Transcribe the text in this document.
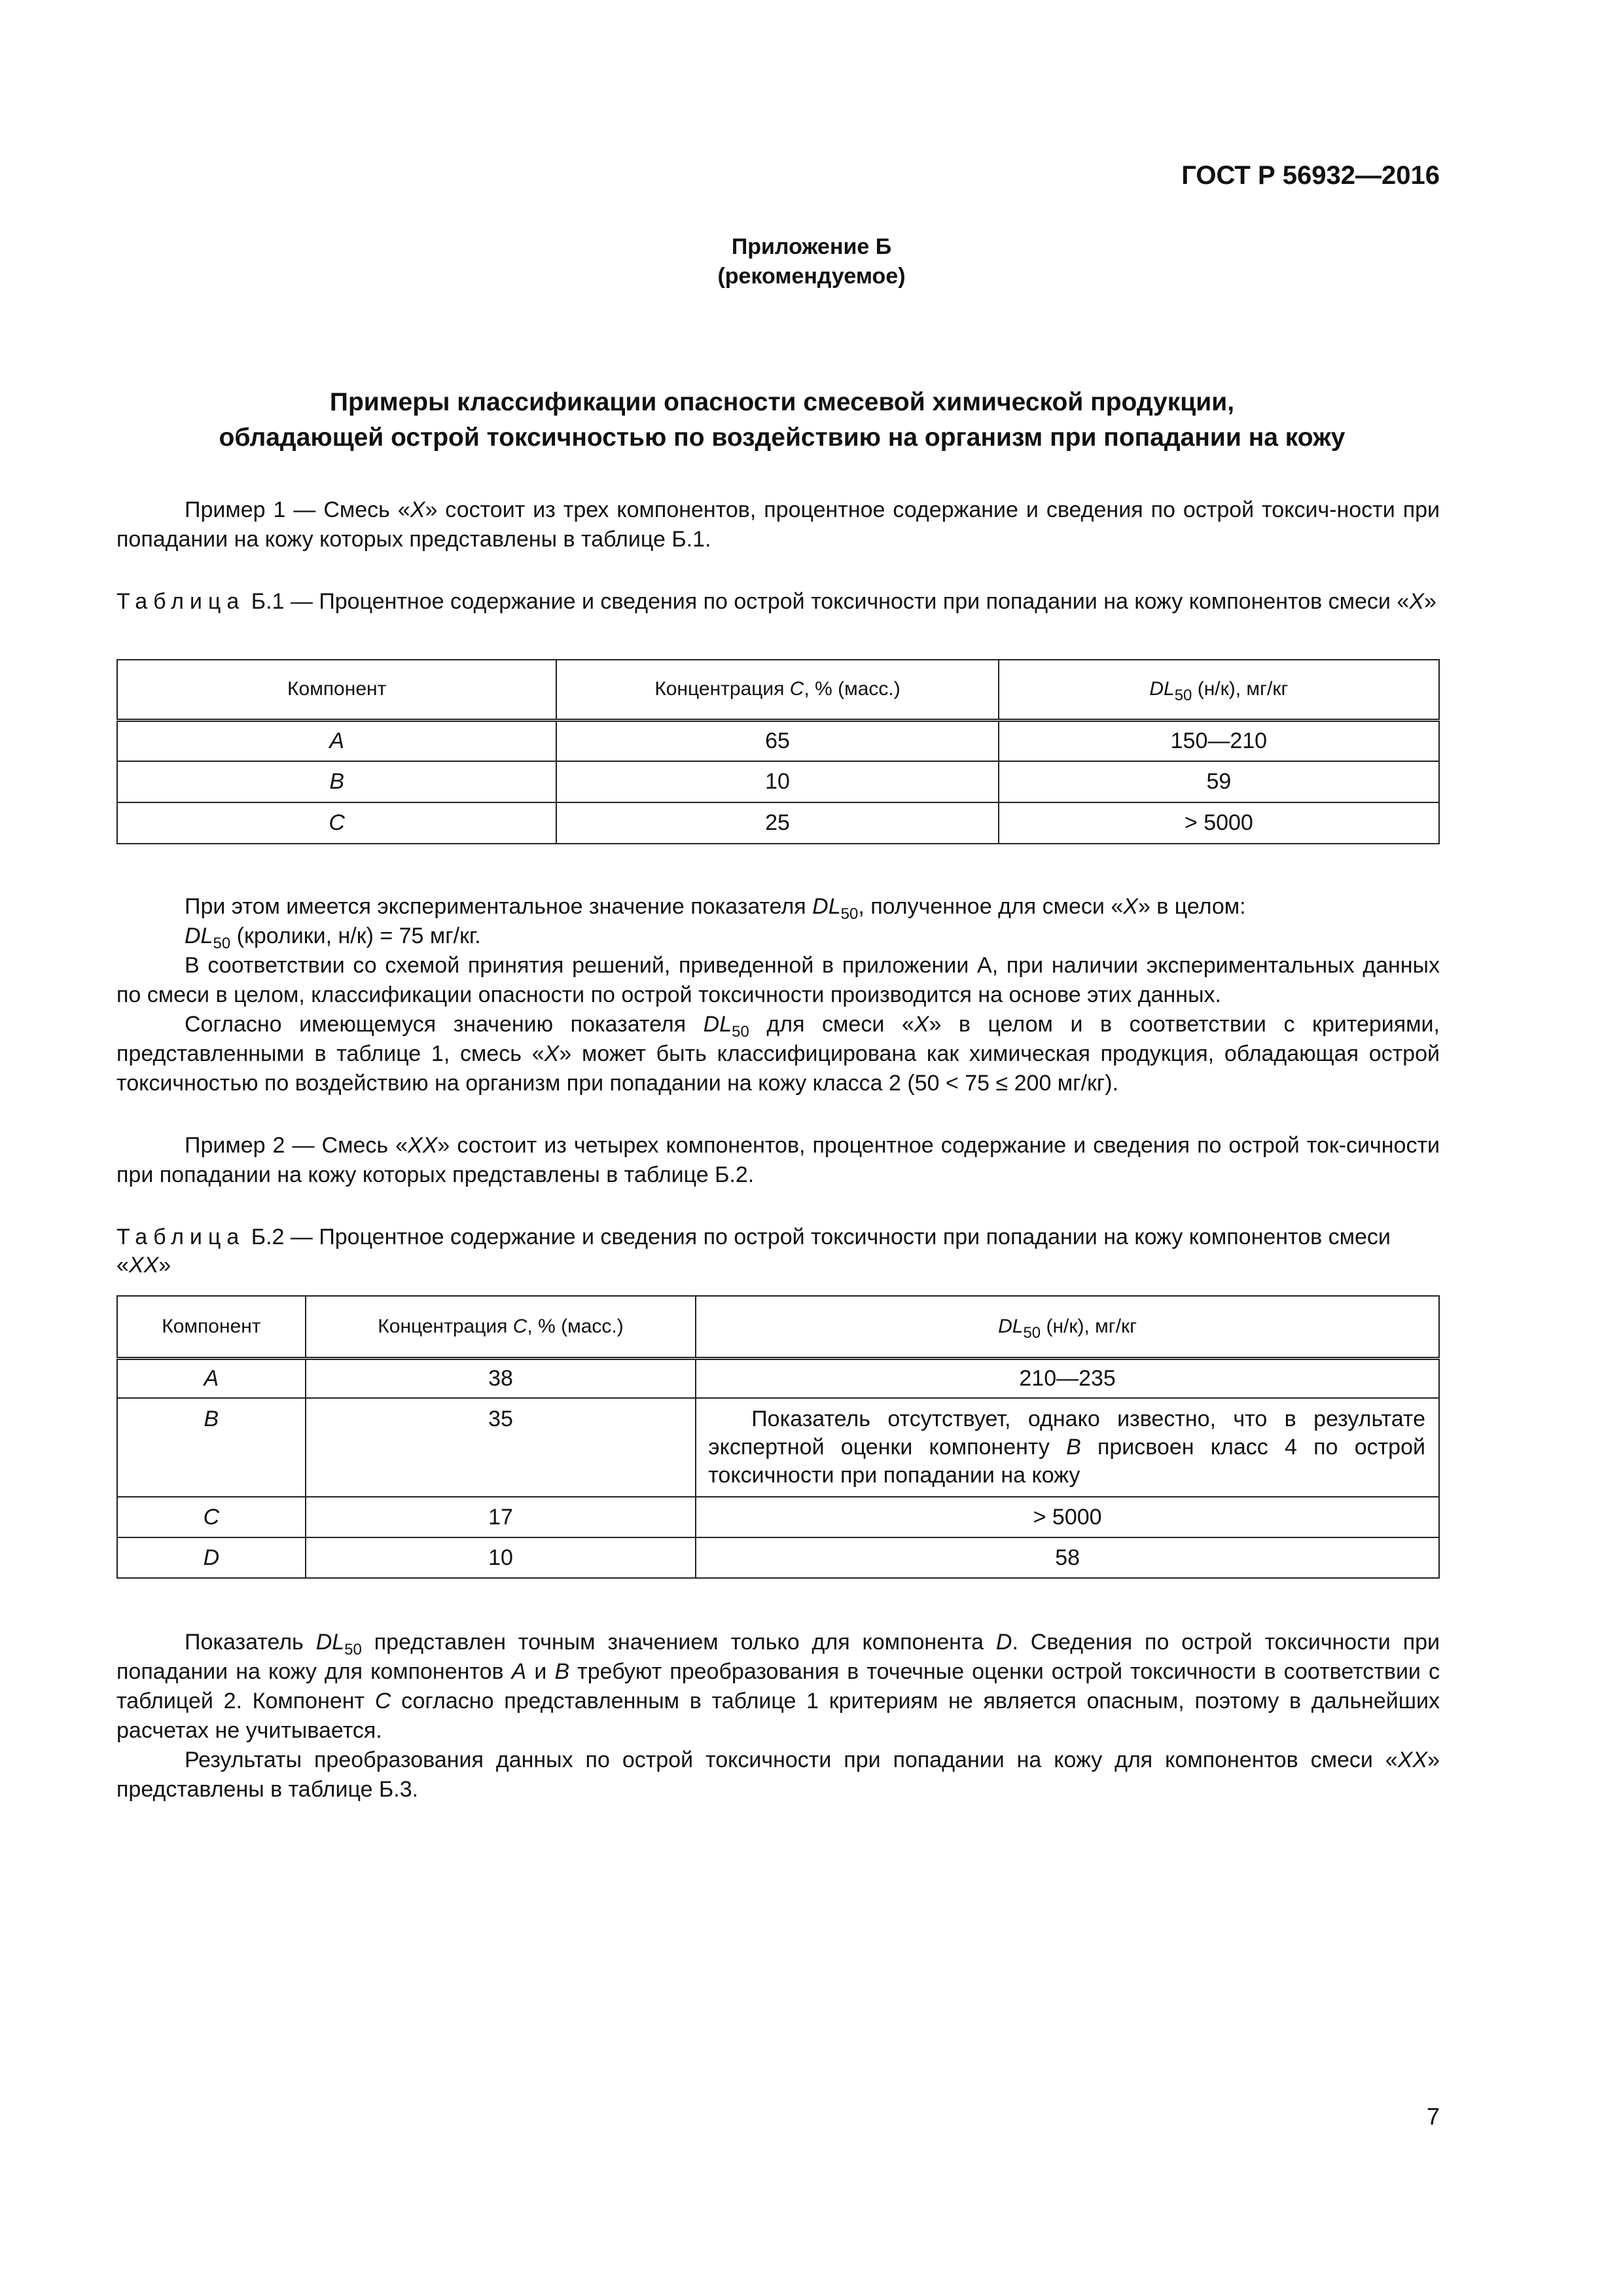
ГОСТ Р 56932—2016
Приложение Б
(рекомендуемое)
Примеры классификации опасности смесевой химической продукции,
обладающей острой токсичностью по воздействию на организм при попадании на кожу

Пример 1 — Смесь «X» состоит из трех компонентов, процентное содержание и сведения по острой токсич-ности при попадании на кожу которых представлены в таблице Б.1.

Таблица Б.1 — Процентное содержание и сведения по острой токсичности при попадании на кожу компонентов смеси «X»

Компонент	Концентрация C, % (масс.)	$DL_{50}$ (н/к), мг/кг
A	65	150—210
B	10	59
C	25	> 5000

При этом имеется экспериментальное значение показателя $DL_{50}$, полученное для смеси «X» в целом:

$DL_{50}$ (кролики, н/к) = 75 мг/кг.

В соответствии со схемой принятия решений, приведенной в приложении А, при наличии экспериментальных данных по смеси в целом, классификации опасности по острой токсичности производится на основе этих данных.

Согласно имеющемуся значению показателя $DL_{50}$ для смеси «X» в целом и в соответствии с критериями, представленными в таблице 1, смесь «X» может быть классифицирована как химическая продукция, обладающая острой токсичностью по воздействию на организм при попадании на кожу класса 2 (50 < 75 ≤ 200 мг/кг).

Пример 2 — Смесь «XX» состоит из четырех компонентов, процентное содержание и сведения по острой ток-сичности при попадании на кожу которых представлены в таблице Б.2.

Таблица Б.2 — Процентное содержание и сведения по острой токсичности при попадании на кожу компонентов смеси «XX»

Компонент	Концентрация C, % (масс.)	$DL_{50}$ (н/к), мг/кг
A	38	210—235
B	35	Показатель отсутствует, однако известно, что в результате экспертной оценки компоненту B присвоен класс 4 по острой токсичности при попадании на кожу
C	17	> 5000
D	10	58

Показатель $DL_{50}$ представлен точным значением только для компонента D. Сведения по острой токсичности при попадании на кожу для компонентов A и B требуют преобразования в точечные оценки острой токсичности в соответствии с таблицей 2. Компонент C согласно представленным в таблице 1 критериям не является опасным, поэтому в дальнейших расчетах не учитывается.

Результаты преобразования данных по острой токсичности при попадании на кожу для компонентов смеси «XX» представлены в таблице Б.3.

7
